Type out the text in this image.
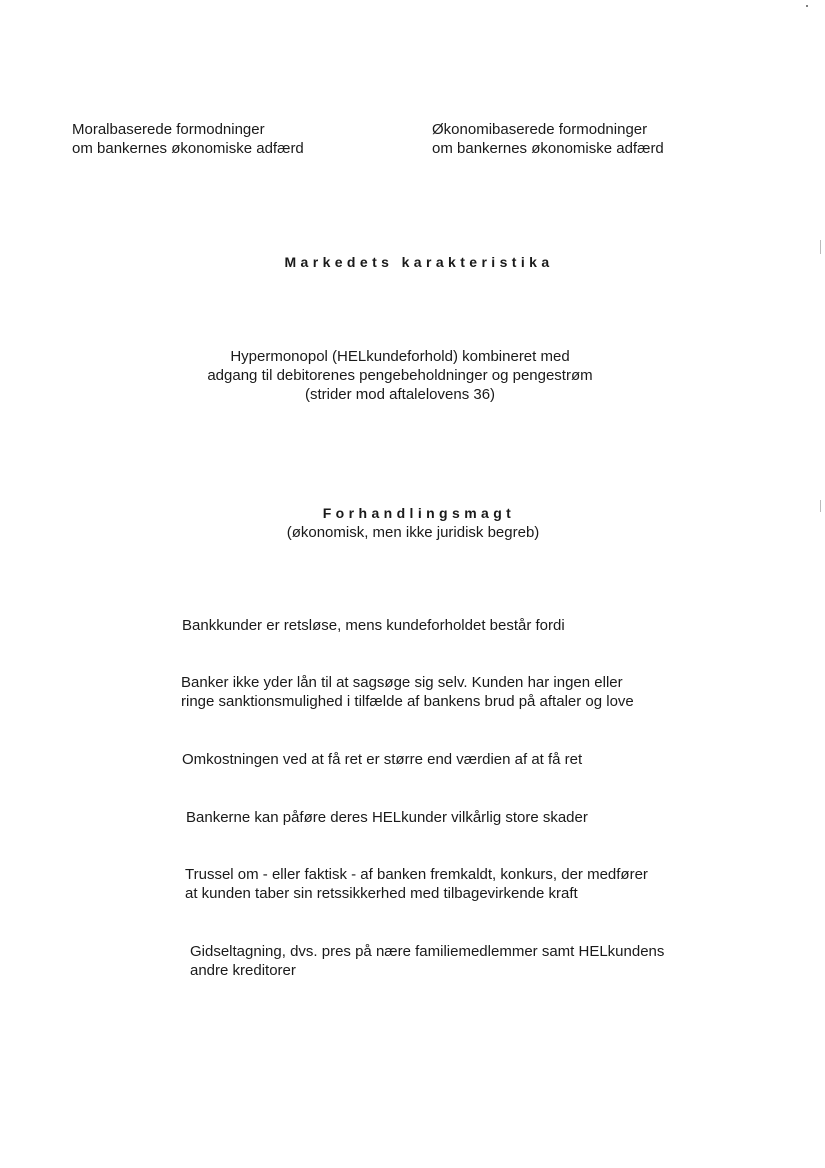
Moralbaserede formodninger
om bankernes økonomiske adfærd
Økonomibaserede formodninger
om bankernes økonomiske adfærd
Markedets karakteristika
Hypermonopol (HELkundeforhold) kombineret med
adgang til debitorenes pengebeholdninger og pengestrøm
(strider mod aftalelovens 36)
Forhandlingsmagt
(økonomisk, men ikke juridisk begreb)
Bankkunder er retsløse, mens kundeforholdet består fordi
Banker ikke yder lån til at sagsøge sig selv. Kunden har ingen eller
ringe sanktionsmulighed i tilfælde af bankens brud på aftaler og love
Omkostningen ved at få ret er større end værdien af at få ret
Bankerne kan påføre deres HELkunder vilkårlig store skader
Trussel om - eller faktisk - af banken fremkaldt, konkurs, der medfører
at kunden taber sin retssikkerhed med tilbagevirkende kraft
Gidseltagning, dvs. pres på nære familiemedlemmer samt HELkundens
andre kreditorer
